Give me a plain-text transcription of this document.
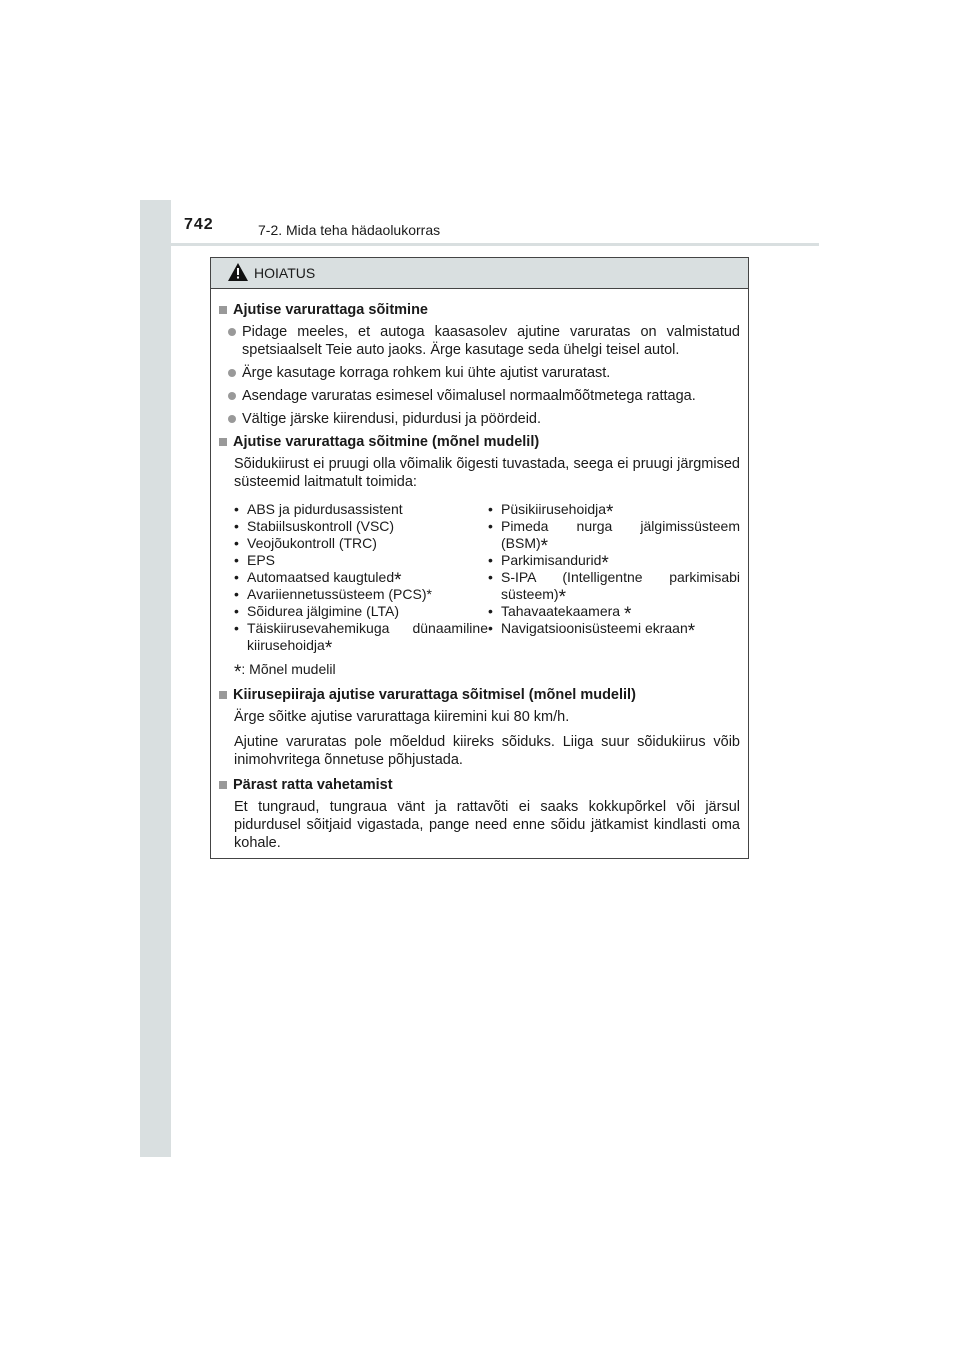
742	7-2. Mida teha hädaolukorras
HOIATUS
Ajutise varurattaga sõitmine
Pidage meeles, et autoga kaasasolev ajutine varuratas on valmistatud spetsiaalselt Teie auto jaoks. Ärge kasutage seda ühelgi teisel autol.
Ärge kasutage korraga rohkem kui ühte ajutist varuratast.
Asendage varuratas esimesel võimalusel normaalmõõtmetega rattaga.
Vältige järske kiirendusi, pidurdusi ja pöördeid.
Ajutise varurattaga sõitmine (mõnel mudelil)
Sõidukiirust ei pruugi olla võimalik õigesti tuvastada, seega ei pruugi järgmised süsteemid laitmatult toimida:
• ABS ja pidurdusassistent
• Stabiilsuskontroll (VSC)
• Veojõukontroll (TRC)
• EPS
• Automaatsed kaugtuled*
• Avariiennetussüsteem (PCS)*
• Sõidurea jälgimine (LTA)
• Täiskiirusevahemikuga dünaamiline kiirusehoidja*
• Püsikiirusehoidja*
• Pimeda nurga jälgimissüsteem (BSM)*
• Parkimisandurid*
• S-IPA (Intelligentne parkimisabi süsteem)*
• Tahavaatekaamera *
• Navigatsioonisüsteemi ekraan*
*: Mõnel mudelil
Kiirusepiiraja ajutise varurattaga sõitmisel (mõnel mudelil)
Ärge sõitke ajutise varurattaga kiiremini kui 80 km/h.
Ajutine varuratas pole mõeldud kiireks sõiduks. Liiga suur sõidukiirus võib inimohvritega õnnetuse põhjustada.
Pärast ratta vahetamist
Et tungraud, tungraua vänt ja rattavõti ei saaks kokkupõrkel või järsul pidurdusel sõitjaid vigastada, pange need enne sõidu jätkamist kindlasti oma kohale.
